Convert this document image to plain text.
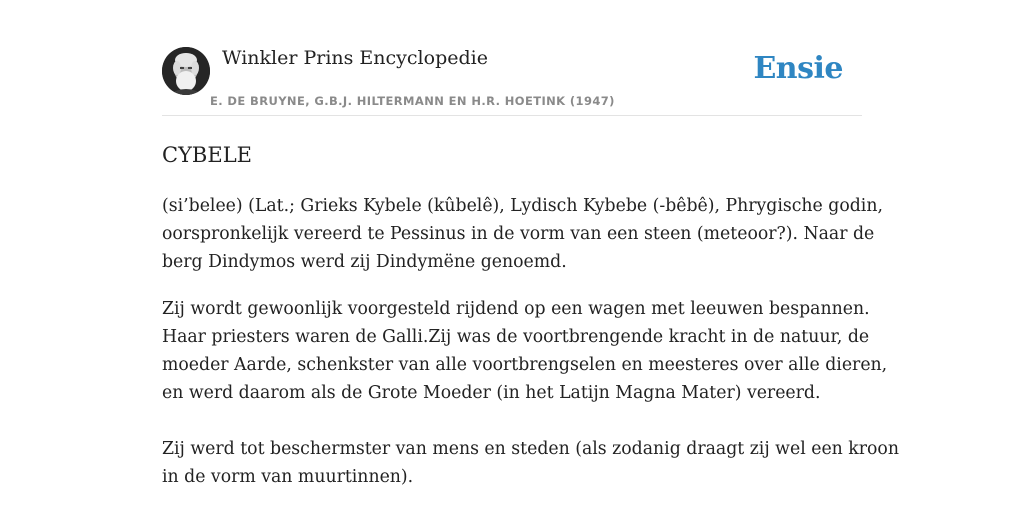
Winkler Prins Encyclopedie
E. DE BRUYNE, G.B.J. HILTERMANN EN H.R. HOETINK (1947)
Ensie
CYBELE

(si’belee) (Lat.; Grieks Kybele (kûbelê), Lydisch Kybebe (-bêbê), Phrygische godin,
oorspronkelijk vereerd te Pessinus in de vorm van een steen (meteoor?). Naar de
berg Dindymos werd zij Dindymëne genoemd.

Zij wordt gewoonlijk voorgesteld rijdend op een wagen met leeuwen bespannen.
Haar priesters waren de Galli.Zij was de voortbrengende kracht in de natuur, de
moeder Aarde, schenkster van alle voortbrengselen en meesteres over alle dieren,
en werd daarom als de Grote Moeder (in het Latijn Magna Mater) vereerd.

Zij werd tot beschermster van mens en steden (als zodanig draagt zij wel een kroon
in de vorm van muurtinnen).
